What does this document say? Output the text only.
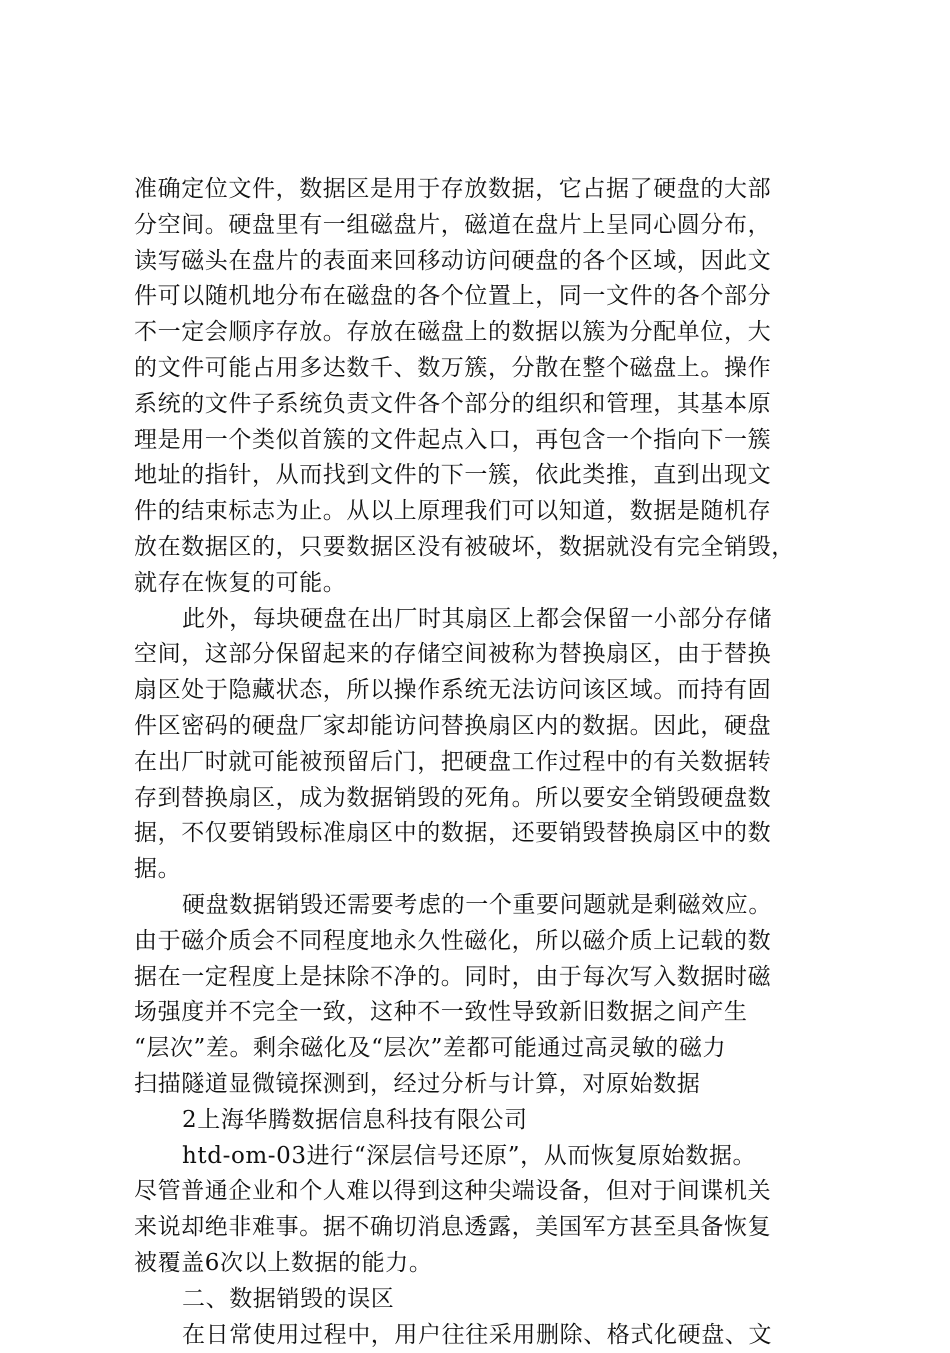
准确定位文件，数据区是用于存放数据，它占据了硬盘的大部
分空间。硬盘里有一组磁盘片，磁道在盘片上呈同心圆分布，
读写磁头在盘片的表面来回移动访问硬盘的各个区域，因此文
件可以随机地分布在磁盘的各个位置上，同一文件的各个部分
不一定会顺序存放。存放在磁盘上的数据以簇为分配单位，大
的文件可能占用多达数千、数万簇，分散在整个磁盘上。操作
系统的文件子系统负责文件各个部分的组织和管理，其基本原
理是用一个类似首簇的文件起点入口，再包含一个指向下一簇
地址的指针，从而找到文件的下一簇，依此类推，直到出现文
件的结束标志为止。从以上原理我们可以知道，数据是随机存
放在数据区的，只要数据区没有被破坏，数据就没有完全销毁，
就存在恢复的可能。
此外，每块硬盘在出厂时其扇区上都会保留一小部分存储
空间，这部分保留起来的存储空间被称为替换扇区，由于替换
扇区处于隐藏状态，所以操作系统无法访问该区域。而持有固
件区密码的硬盘厂家却能访问替换扇区内的数据。因此，硬盘
在出厂时就可能被预留后门，把硬盘工作过程中的有关数据转
存到替换扇区，成为数据销毁的死角。所以要安全销毁硬盘数
据，不仅要销毁标准扇区中的数据，还要销毁替换扇区中的数
据。
硬盘数据销毁还需要考虑的一个重要问题就是剩磁效应。
由于磁介质会不同程度地永久性磁化，所以磁介质上记载的数
据在一定程度上是抹除不净的。同时，由于每次写入数据时磁
场强度并不完全一致，这种不一致性导致新旧数据之间产生
“层次”差。剩余磁化及“层次”差都可能通过高灵敏的磁力
扫描隧道显微镜探测到，经过分析与计算，对原始数据
2上海华腾数据信息科技有限公司
htd-om-03进行“深层信号还原”，从而恢复原始数据。
尽管普通企业和个人难以得到这种尖端设备，但对于间谍机关
来说却绝非难事。据不确切消息透露，美国军方甚至具备恢复
被覆盖6次以上数据的能力。
二、数据销毁的误区
在日常使用过程中，用户往往采用删除、格式化硬盘、文
